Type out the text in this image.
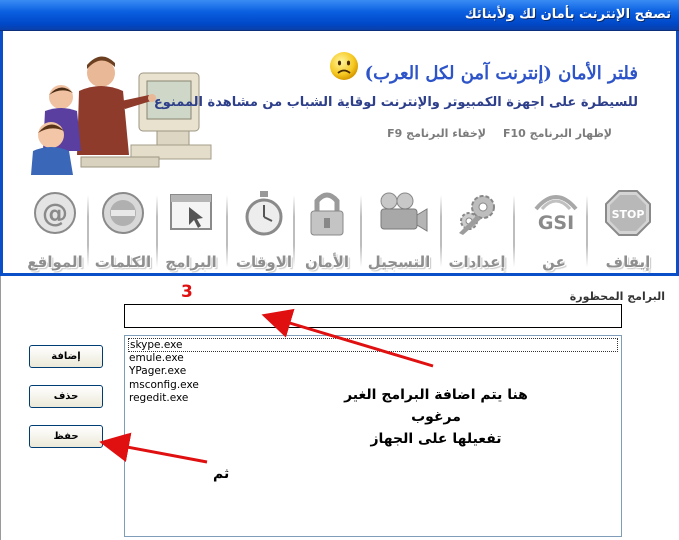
تصفح الإنترنت بأمان لك ولأبنائك
فلتر الأمان (إنترنت آمن لكل العرب)
للسيطرة على اجهزة الكمبيوتر والإنترنت لوقاية الشباب من مشاهدة الممنوع
لإظهار البرنامج F10
لإخفاء البرنامج F9
STOP
إيقاف
GSI
عن
إعدادات
التسجيل
الأمان
الاوقات
البرامج
الكلمات
@
المواقع
البرامج المحظورة
3
إضافة
حذف
حفظ
skype.exe
emule.exe
YPager.exe
msconfig.exe
regedit.exe	هنا يتم اضافة البرامج الغير مرغوب
تفعيلها على الجهاز
ثم
